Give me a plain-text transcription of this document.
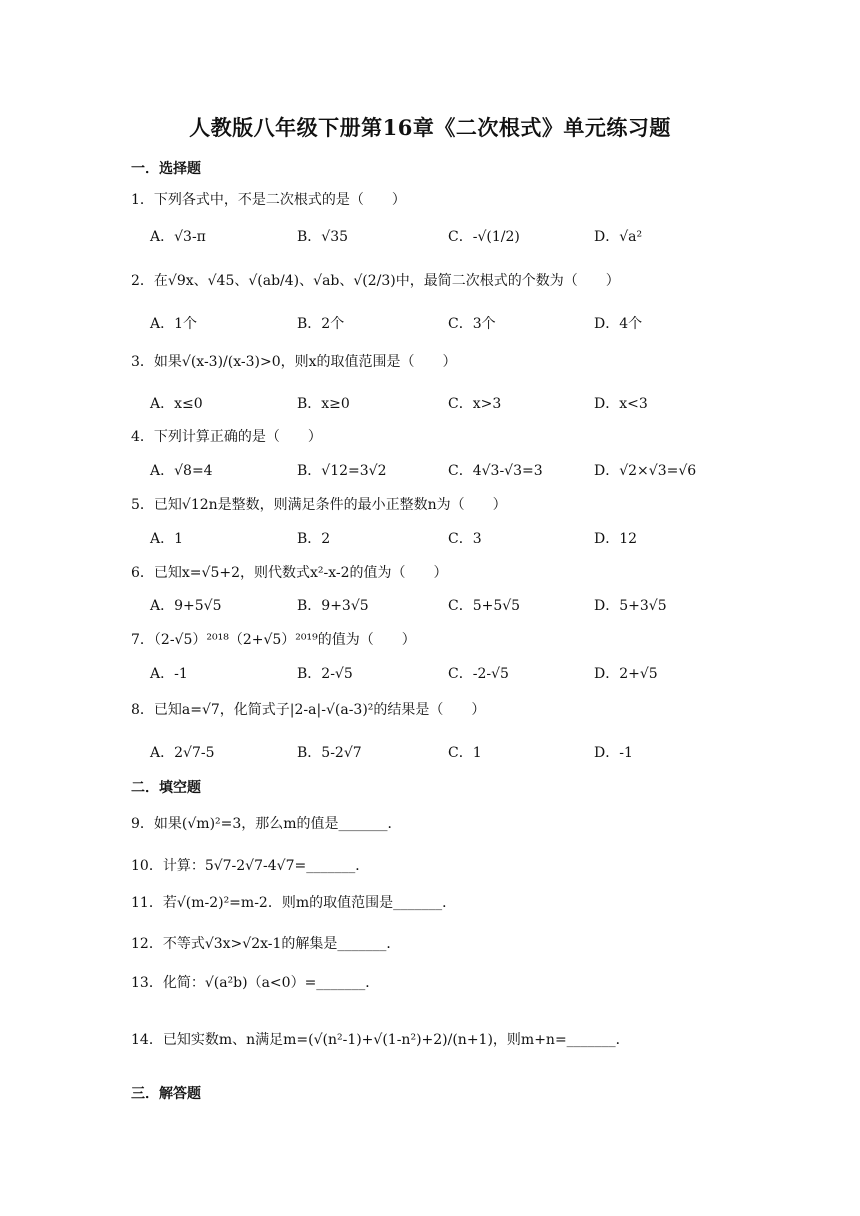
人教版八年级下册第16章《二次根式》单元练习题
一．选择题
1．下列各式中，不是二次根式的是（　　）
A．√3-π	B．√35	C．-√(1/2)	D．√a²
2．在√9x、√45、√(ab/4)、√ab、√(2/3)中，最简二次根式的个数为（　　）
A．1个	B．2个	C．3个	D．4个
3．如果√(x-3)/(x-3)>0，则x的取值范围是（　　）
A．x≤0	B．x≥0	C．x>3	D．x<3
4．下列计算正确的是（　　）
A．√8=4	B．√12=3√2	C．4√3-√3=3	D．√2×√3=√6
5．已知√12n是整数，则满足条件的最小正整数n为（　　）
A．1	B．2	C．3	D．12
6．已知x=√5+2，则代数式x²-x-2的值为（　　）
A．9+5√5	B．9+3√5	C．5+5√5	D．5+3√5
7．（2-√5）²⁰¹⁸（2+√5）²⁰¹⁹的值为（　　）
A．-1	B．2-√5	C．-2-√5	D．2+√5
8．已知a=√7，化简式子|2-a|-√(a-3)²的结果是（　　）
A．2√7-5	B．5-2√7	C．1	D．-1
二．填空题
9．如果(√m)²=3，那么m的值是_______．
10．计算：5√7-2√7-4√7=_______．
11．若√(m-2)²=m-2．则m的取值范围是_______．
12．不等式√3x>√2x-1的解集是_______．
13．化简：√(a²b)（a<0）=_______．
14．已知实数m、n满足m=(√(n²-1)+√(1-n²)+2)/(n+1)，则m+n=_______．
三．解答题
